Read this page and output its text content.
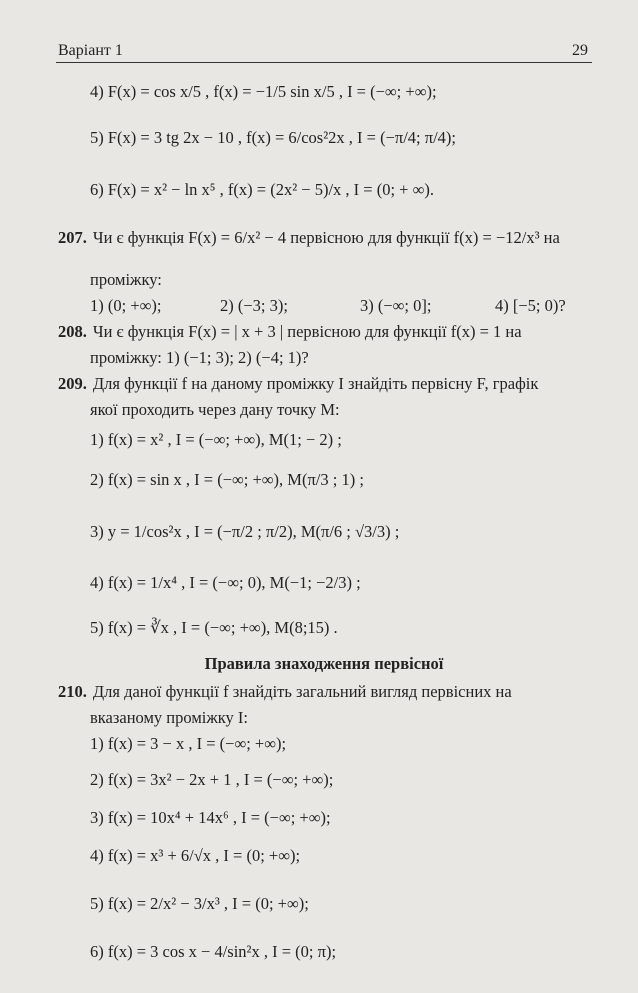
Варіант 1	29
4) F(x) = cos x/5 , f(x) = −1/5 sin x/5 , I = (−∞; +∞);
5) F(x) = 3 tg 2x − 10 , f(x) = 6/cos²2x , I = (−π/4; π/4);
6) F(x) = x² − ln x⁵ , f(x) = (2x² − 5)/x , I = (0; + ∞).
207. Чи є функція F(x) = 6/x² − 4 первісною для функції f(x) = −12/x³ на
проміжку:
1) (0; +∞);	2) (−3; 3);	3) (−∞; 0];	4) [−5; 0)?
208. Чи є функція F(x) = | x + 3 | первісною для функції f(x) = 1 на
проміжку: 1) (−1; 3); 2) (−4; 1)?
209. Для функції f на даному проміжку I знайдіть первісну F, графік
якої проходить через дану точку M:
1) f(x) = x² , I = (−∞; +∞), M(1; − 2) ;
2) f(x) = sin x , I = (−∞; +∞), M(π/3 ; 1) ;
3) y = 1/cos²x , I = (−π/2 ; π/2), M(π/6 ; √3/3) ;
4) f(x) = 1/x⁴ , I = (−∞; 0), M(−1; −2/3) ;
5) f(x) = ∛x , I = (−∞; +∞), M(8;15) .
Правила знаходження первісної
210. Для даної функції f знайдіть загальний вигляд первісних на
вказаному проміжку I:
1) f(x) = 3 − x , I = (−∞; +∞);
2) f(x) = 3x² − 2x + 1 , I = (−∞; +∞);
3) f(x) = 10x⁴ + 14x⁶ , I = (−∞; +∞);
4) f(x) = x³ + 6/√x , I = (0; +∞);
5) f(x) = 2/x² − 3/x³ , I = (0; +∞);
6) f(x) = 3 cos x − 4/sin²x , I = (0; π);
